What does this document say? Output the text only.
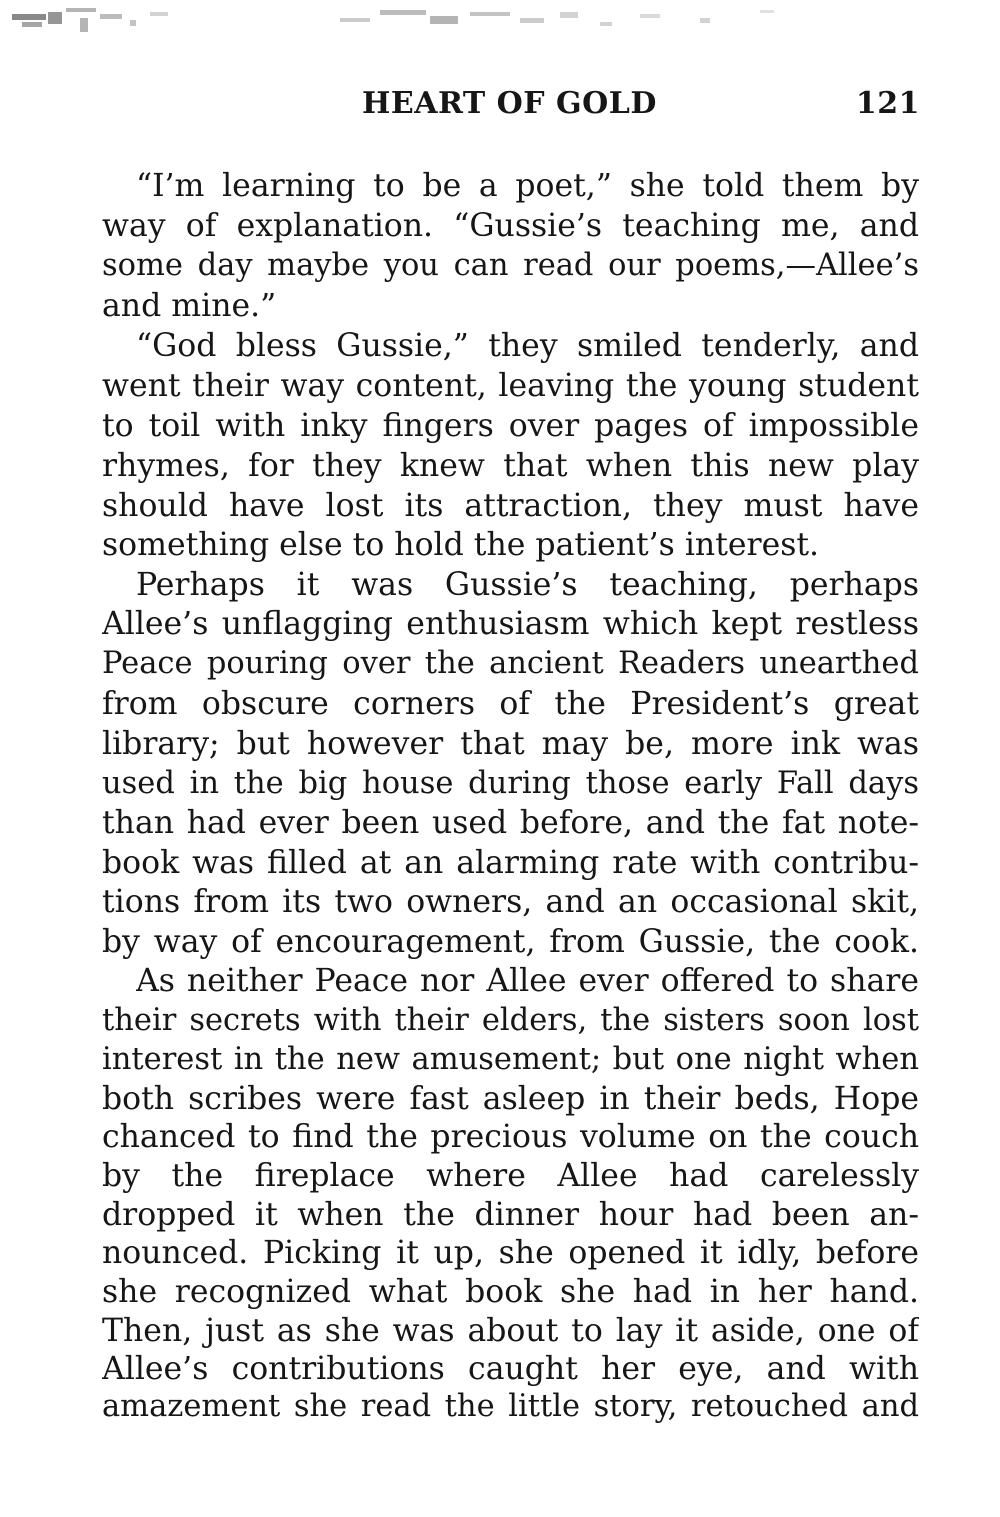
HEART OF GOLD	121
“I’m learning to be a poet,” she told them by
way of explanation. “Gussie’s teaching me, and
some day maybe you can read our poems,—Allee’s
and mine.”
“God bless Gussie,” they smiled tenderly, and
went their way content, leaving the young student
to toil with inky fingers over pages of impossible
rhymes, for they knew that when this new play
should have lost its attraction, they must have
something else to hold the patient’s interest.
Perhaps it was Gussie’s teaching, perhaps
Allee’s unflagging enthusiasm which kept restless
Peace pouring over the ancient Readers unearthed
from obscure corners of the President’s great
library; but however that may be, more ink was
used in the big house during those early Fall days
than had ever been used before, and the fat note-
book was filled at an alarming rate with contribu-
tions from its two owners, and an occasional skit,
by way of encouragement, from Gussie, the cook.
As neither Peace nor Allee ever offered to share
their secrets with their elders, the sisters soon lost
interest in the new amusement; but one night when
both scribes were fast asleep in their beds, Hope
chanced to find the precious volume on the couch
by the fireplace where Allee had carelessly
dropped it when the dinner hour had been an-
nounced. Picking it up, she opened it idly, before
she recognized what book she had in her hand.
Then, just as she was about to lay it aside, one of
Allee’s contributions caught her eye, and with
amazement she read the little story, retouched and
